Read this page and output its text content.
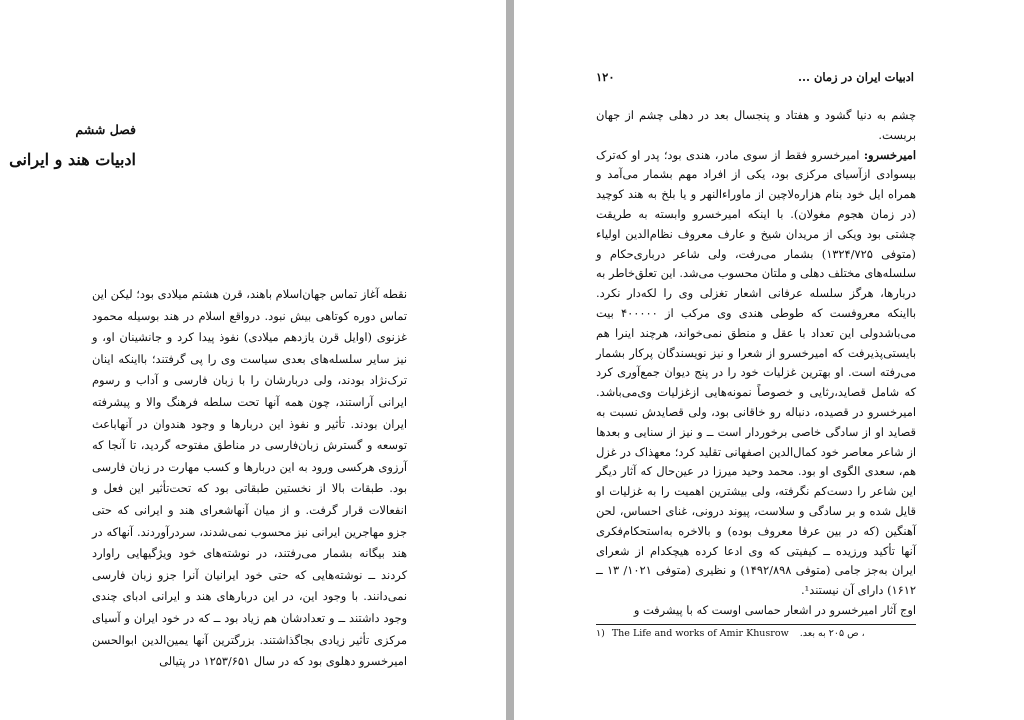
فصل ششم
ادبیات هند و ایرانی

نقطه آغاز تماس جهان‌اسلام باهند، قرن هشتم میلادی بود؛ لیکن این تماس دوره کوتاهی بیش نبود. درواقع اسلام در هند بوسیله محمود غزنوی (اوایل قرن یازدهم میلادی) نفوذ پیدا کرد و جانشینان او، و نیز سایر سلسله‌های بعدی سیاست وی را پی گرفتند؛ بااینکه اینان ترک‌نژاد بودند، ولی دربارشان را با زبان فارسی و آداب و رسوم ایرانی آراستند، چون همه آنها تحت سلطه فرهنگ والا و پیشرفته ایران بودند. تأثیر و نفوذ این دربارها و وجود هندوان در آنهاباعث توسعه و گسترش زبان‌فارسی در مناطق مفتوحه گردید، تا آنجا که آرزوی هرکسی ورود به این دربارها و کسب مهارت در زبان فارسی بود. طبقات بالا از نخستین طبقاتی بود که تحت‌تأثیر این فعل و انفعالات قرار گرفت. و از میان آنهاشعرای هند و ایرانی که حتی جزو مهاجرین ایرانی نیز محسوب نمی‌شدند، سردرآوردند. آنهاکه در هند بیگانه بشمار می‌رفتند، در نوشته‌های خود ویژگیهایی راوارد کردند ــ نوشته‌هایی که حتی خود ایرانیان آنرا جزو زبان فارسی نمی‌دانند. با وجود این، در این دربارهای هند و ایرانی ادبای چندی وجود داشتند ــ و تعدادشان هم زیاد بود ــ که در خود ایران و آسیای مرکزی تأثیر زیادی بجاگذاشتند. بزرگترین آنها یمین‌الدین ابوالحسن امیرخسرو دهلوی بود که در سال ۱۲۵۳/۶۵۱ در پتیالی

۱۲۰	ادبیات ایران در زمان ...

چشم به دنیا گشود و هفتاد و پنجسال بعد در دهلی چشم از جهان بربست.

امیرخسرو: امیرخسرو فقط از سوی مادر، هندی بود؛ پدر او کەترک بیسوادی ازآسیای مرکزی بود، یکی از افراد مهم بشمار می‌آمد و همراه ایل خود بنام هزاره‌لاچین از ماوراءالنهر و یا بلخ به هند کوچید (در زمان هجوم مغولان). با اینکه امیرخسرو وابسته به طریقت چشتی بود ویکی از مریدان شیخ و عارف معروف نظام‌الدین اولیاء (متوفی ۱۳۲۴/۷۲۵) بشمار می‌رفت، ولی شاعر درباری‌حکام و سلسله‌های مختلف دهلی و ملتان محسوب می‌شد. این تعلق‌خاطر به دربارها، هرگز سلسله عرفانی اشعار تغزلی وی را لکه‌دار نکرد. بااینکه معروفست که طوطی هندی وی مرکب از ۴۰۰۰۰۰ بیت می‌باشدولی این تعداد با عقل و منطق نمی‌خواند، هرچند اینرا هم بایستی‌پذیرفت که امیرخسرو از شعرا و نیز نویسندگان پرکار بشمار می‌رفته است. او بهترین غزلیات خود را در پنج دیوان جمع‌آوری کرد که شامل قصاید،رثایی و خصوصاً نمونه‌هایی ازغزلیات وی‌می‌باشد. امیرخسرو در قصیده، دنباله رو خاقانی بود، ولی قصایدش نسبت به قصاید او از سادگی خاصی برخوردار است ــ و نیز از سنایی و بعدها از شاعر معاصر خود کمال‌الدین اصفهانی تقلید کرد؛ معهذاک در غزل هم، سعدی الگوی او بود. محمد وحید میرزا در عین‌حال که آثار دیگر این شاعر را دست‌کم نگرفته، ولی بیشترین اهمیت را به غزلیات او قایل شده و بر سادگی و سلاست، پیوند درونی، غنای احساس، لحن آهنگین (که در بین عرفا معروف بوده) و بالاخره به‌استحکام‌فکری آنها تأکید ورزیده ــ کیفیتی که وی ادعا کرده هیچکدام از شعرای ایران به‌جز جامی (متوفی ۱۴۹۲/۸۹۸) و نظیری (متوفی ۱۰۲۱/ ۱۳ ــ ۱۶۱۲) دارای آن نیستند¹.

اوج آثار امیرخسرو در اشعار حماسی اوست که با پیشرفت و

۱) The Life and works of Amir Khusrow ، ص ۲۰۵ به بعد.
